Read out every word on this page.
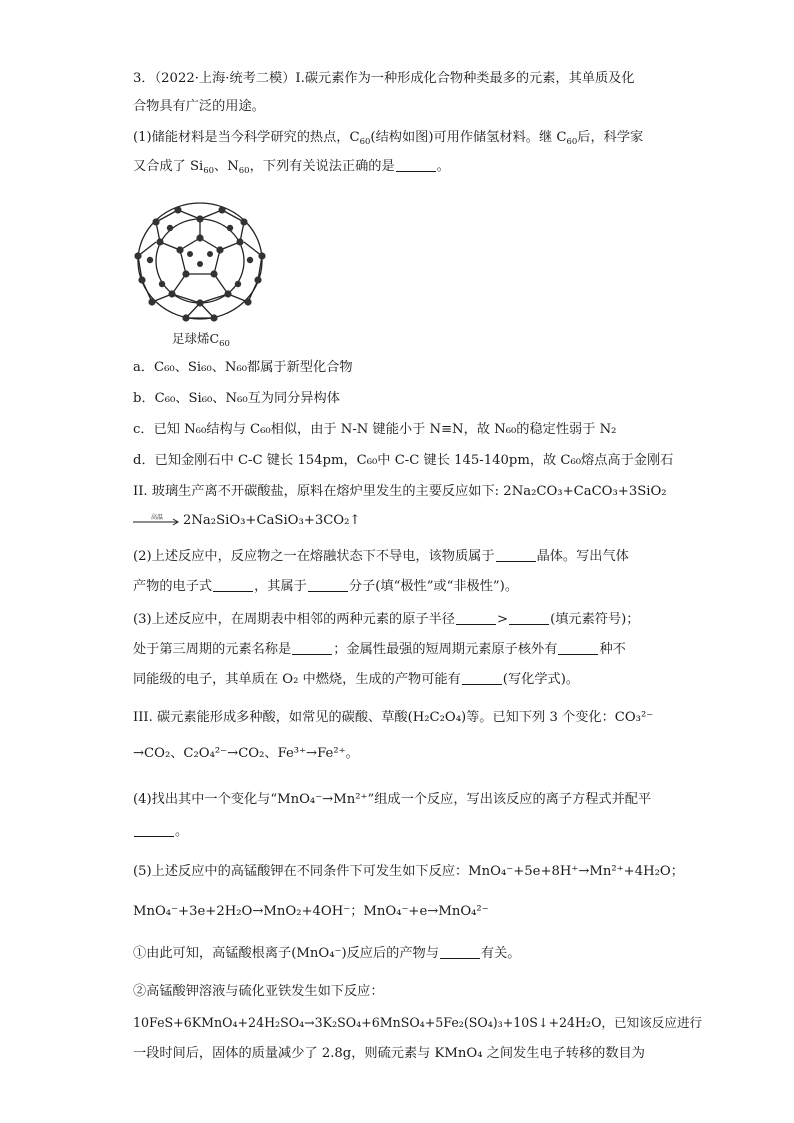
3．（2022·上海·统考二模）I.碳元素作为一种形成化合物种类最多的元素，其单质及化
合物具有广泛的用途。
(1)储能材料是当今科学研究的热点，$C_{60}$(结构如图)可用作储氢材料。继 $C_{60}$后，科学家
又合成了 $Si_{60}$、$N_{60}$，下列有关说法正确的是	。
足球烯$C_{60}$
a．C₆₀、Si₆₀、N₆₀都属于新型化合物
b．C₆₀、Si₆₀、N₆₀互为同分异构体
c．已知 N₆₀结构与 C₆₀相似，由于 N-N 键能小于 N≡N，故 N₆₀的稳定性弱于 N₂
d．已知金刚石中 C-C 键长 154pm，C₆₀中 C-C 键长 145-140pm，故 C₆₀熔点高于金刚石
II. 玻璃生产离不开碳酸盐，原料在熔炉里发生的主要反应如下: 2Na₂CO₃+CaCO₃+3SiO₂
高温 2Na₂SiO₃+CaSiO₃+3CO₂↑
(2)上述反应中，反应物之一在熔融状态下不导电，该物质属于	晶体。写出气体
产物的电子式	，其属于	分子(填“极性”或“非极性”)。
(3)上述反应中，在周期表中相邻的两种元素的原子半径	>	(填元素符号)；
处于第三周期的元素名称是	；金属性最强的短周期元素原子核外有	种不
同能级的电子，其单质在 O₂ 中燃烧，生成的产物可能有	(写化学式)。
III. 碳元素能形成多种酸，如常见的碳酸、草酸(H₂C₂O₄)等。已知下列 3 个变化：CO₃²⁻
→CO₂、C₂O₄²⁻→CO₂、Fe³⁺→Fe²⁺。
(4)找出其中一个变化与“MnO₄⁻→Mn²⁺”组成一个反应，写出该反应的离子方程式并配平
。
(5)上述反应中的高锰酸钾在不同条件下可发生如下反应：MnO₄⁻+5e+8H⁺→Mn²⁺+4H₂O；
MnO₄⁻+3e+2H₂O→MnO₂+4OH⁻；MnO₄⁻+e→MnO₄²⁻
①由此可知，高锰酸根离子(MnO₄⁻)反应后的产物与	有关。
②高锰酸钾溶液与硫化亚铁发生如下反应：
10FeS+6KMnO₄+24H₂SO₄→3K₂SO₄+6MnSO₄+5Fe₂(SO₄)₃+10S↓+24H₂O，已知该反应进行
一段时间后，固体的质量减少了 2.8g，则硫元素与 KMnO₄ 之间发生电子转移的数目为
